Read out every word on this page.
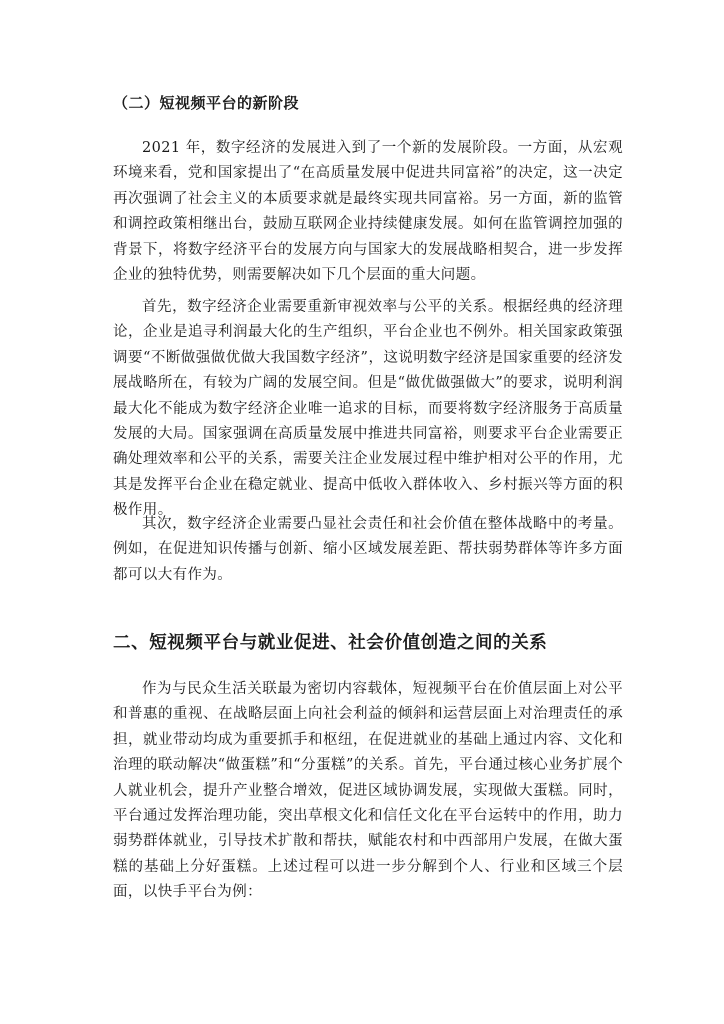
（二）短视频平台的新阶段

2021 年，数字经济的发展进入到了一个新的发展阶段。一方面，从宏观环境来看，党和国家提出了“在高质量发展中促进共同富裕”的决定，这一决定再次强调了社会主义的本质要求就是最终实现共同富裕。另一方面，新的监管和调控政策相继出台，鼓励互联网企业持续健康发展。如何在监管调控加强的背景下，将数字经济平台的发展方向与国家大的发展战略相契合，进一步发挥企业的独特优势，则需要解决如下几个层面的重大问题。

首先，数字经济企业需要重新审视效率与公平的关系。根据经典的经济理论，企业是追寻利润最大化的生产组织，平台企业也不例外。相关国家政策强调要“不断做强做优做大我国数字经济”，这说明数字经济是国家重要的经济发展战略所在，有较为广阔的发展空间。但是“做优做强做大”的要求，说明利润最大化不能成为数字经济企业唯一追求的目标，而要将数字经济服务于高质量发展的大局。国家强调在高质量发展中推进共同富裕，则要求平台企业需要正确处理效率和公平的关系，需要关注企业发展过程中维护相对公平的作用，尤其是发挥平台企业在稳定就业、提高中低收入群体收入、乡村振兴等方面的积极作用。

其次，数字经济企业需要凸显社会责任和社会价值在整体战略中的考量。例如，在促进知识传播与创新、缩小区域发展差距、帮扶弱势群体等许多方面都可以大有作为。

二、短视频平台与就业促进、社会价值创造之间的关系

作为与民众生活关联最为密切内容载体，短视频平台在价值层面上对公平和普惠的重视、在战略层面上向社会利益的倾斜和运营层面上对治理责任的承担，就业带动均成为重要抓手和枢纽，在促进就业的基础上通过内容、文化和治理的联动解决“做蛋糕”和“分蛋糕”的关系。首先，平台通过核心业务扩展个人就业机会，提升产业整合增效，促进区域协调发展，实现做大蛋糕。同时，平台通过发挥治理功能，突出草根文化和信任文化在平台运转中的作用，助力弱势群体就业，引导技术扩散和帮扶，赋能农村和中西部用户发展，在做大蛋糕的基础上分好蛋糕。上述过程可以进一步分解到个人、行业和区域三个层面，以快手平台为例：
